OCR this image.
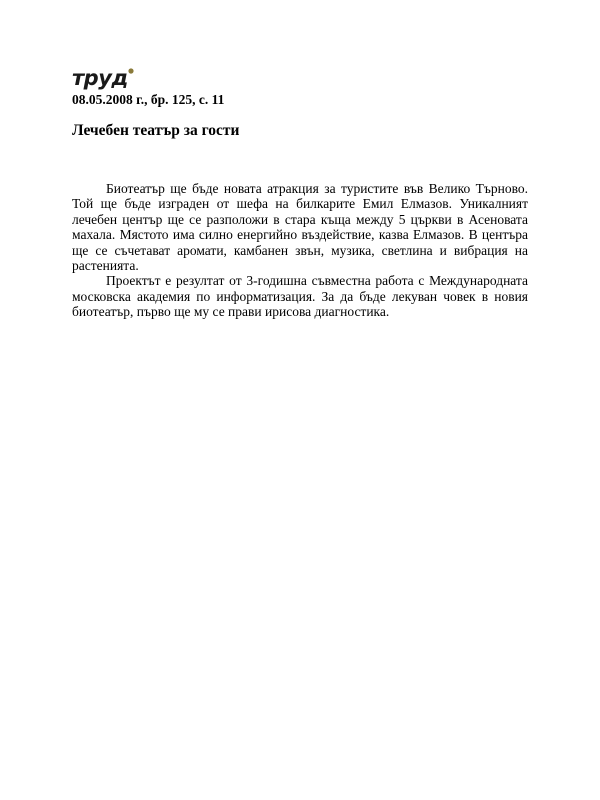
труд
08.05.2008 г., бр. 125, с. 11
Лечебен театър за гости

Биотеатър ще бъде новата атракция за туристите във Велико Търново. Той ще бъде изграден от шефа на билкарите Емил Елмазов. Уникалният лечебен център ще се разположи в стара къща между 5 църкви в Асеновата махала. Мястото има силно енергийно въздействие, казва Елмазов. В центъра ще се съчетават аромати, камбанен звън, музика, светлина и вибрация на растенията.

Проектът е резултат от 3-годишна съвместна работа с Международната московска академия по информатизация. За да бъде лекуван човек в новия биотеатър, първо ще му се прави ирисова диагностика.
